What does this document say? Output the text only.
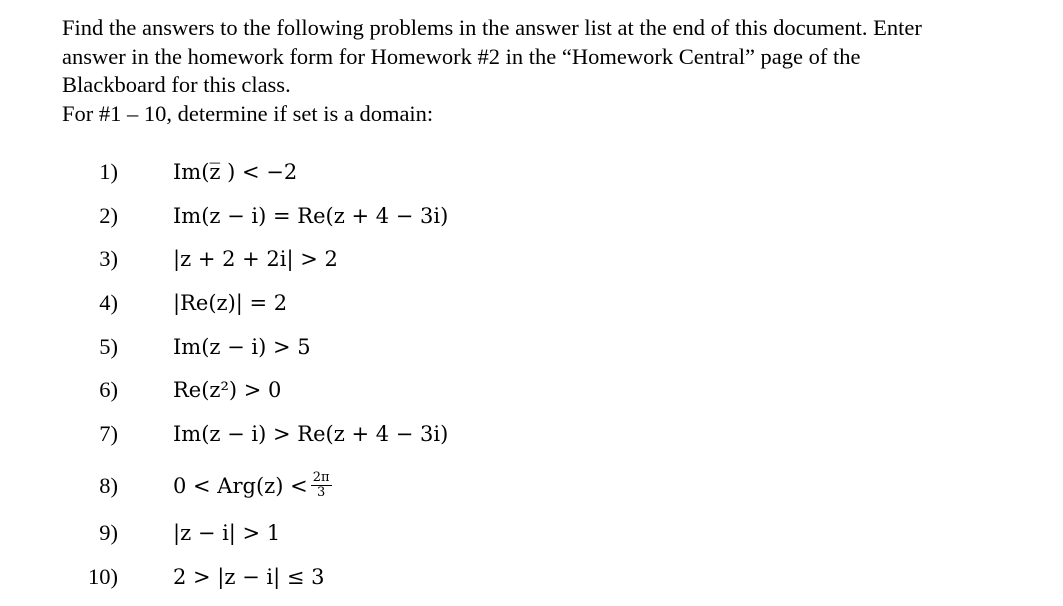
Find the answers to the following problems in the answer list at the end of this document. Enter

answer in the homework form for Homework #2 in the “Homework Central” page of the

Blackboard for this class.

For #1 – 10, determine if set is a domain:

1)	Im(z̅ ) < −2
2)	Im(z − i) = Re(z + 4 − 3i)
3)	|z + 2 + 2i| > 2
4)	|Re(z)| = 2
5)	Im(z − i) > 5
6)	Re(z²) > 0
7)	Im(z − i) > Re(z + 4 − 3i)
8)	$0 < Arg(z) < \frac{2\pi}{3}$
9)	|z − i| > 1
10)	2 > |z − i| ≤ 3
